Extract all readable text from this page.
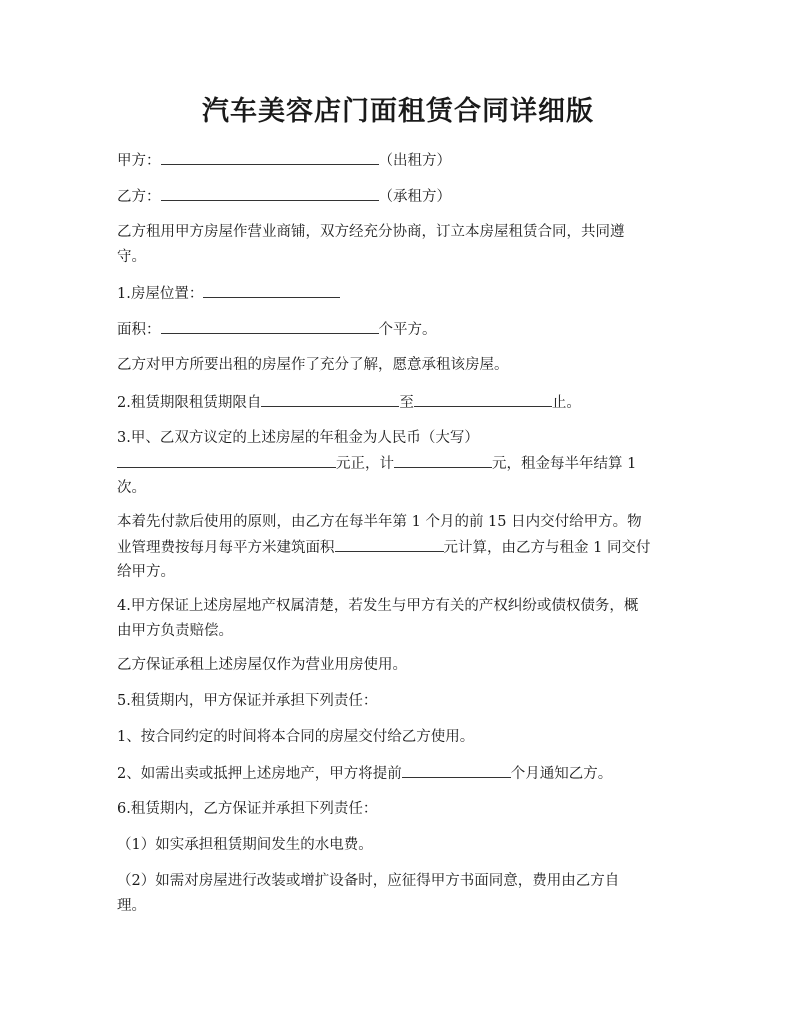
汽车美容店门面租赁合同详细版

甲方：	（出租方）

乙方：	（承租方）

乙方租用甲方房屋作营业商铺，双方经充分协商，订立本房屋租赁合同，共同遵

守。

1.房屋位置：

面积：	个平方。

乙方对甲方所要出租的房屋作了充分了解，愿意承租该房屋。

2.租赁期限租赁期限自	至	止。

3.甲、乙双方议定的上述房屋的年租金为人民币（大写）

元正，计	元，租金每半年结算 1

次。

本着先付款后使用的原则，由乙方在每半年第 1 个月的前 15 日内交付给甲方。物

业管理费按每月每平方米建筑面积	元计算，由乙方与租金 1 同交付

给甲方。

4.甲方保证上述房屋地产权属清楚，若发生与甲方有关的产权纠纷或债权债务，概

由甲方负责赔偿。

乙方保证承租上述房屋仅作为营业用房使用。

5.租赁期内，甲方保证并承担下列责任：

1、按合同约定的时间将本合同的房屋交付给乙方使用。

2、如需出卖或抵押上述房地产，甲方将提前	个月通知乙方。

6.租赁期内，乙方保证并承担下列责任：

（1）如实承担租赁期间发生的水电费。

（2）如需对房屋进行改装或增扩设备时，应征得甲方书面同意，费用由乙方自

理。
